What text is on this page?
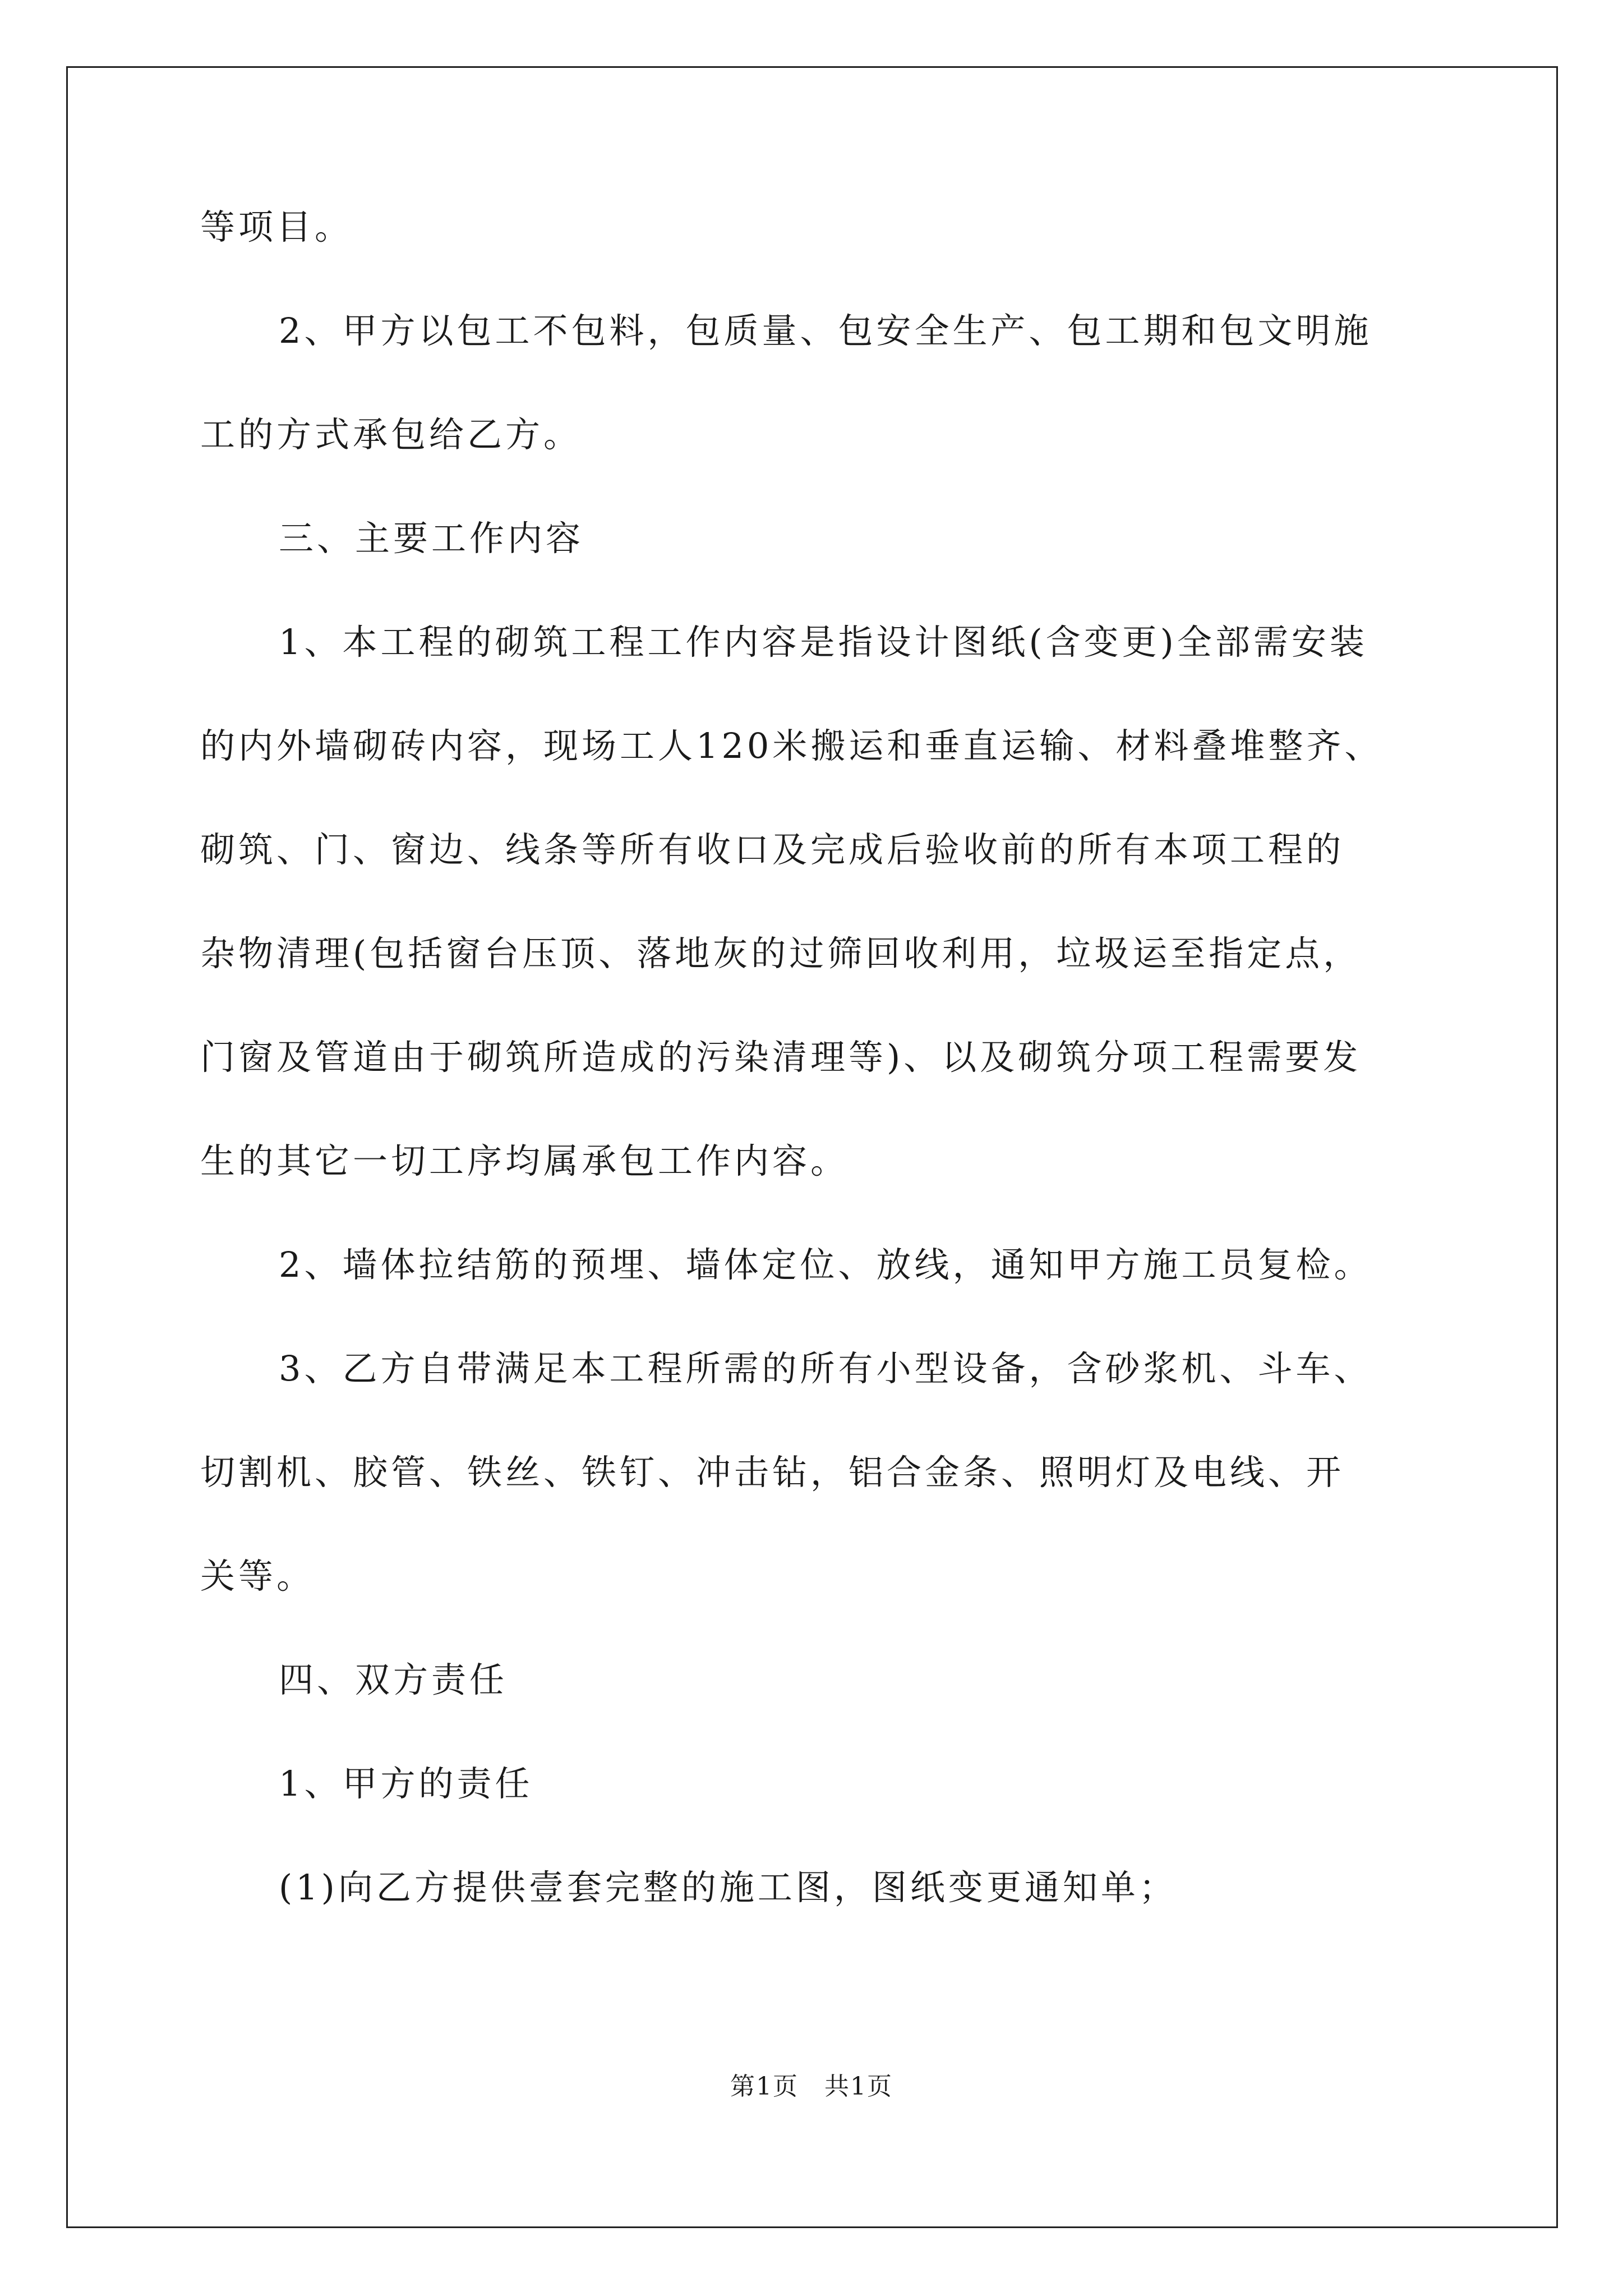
等项目。
2、甲方以包工不包料，包质量、包安全生产、包工期和包文明施
工的方式承包给乙方。
三、主要工作内容
1、本工程的砌筑工程工作内容是指设计图纸(含变更)全部需安装
的内外墙砌砖内容，现场工人120米搬运和垂直运输、材料叠堆整齐、
砌筑、门、窗边、线条等所有收口及完成后验收前的所有本项工程的
杂物清理(包括窗台压顶、落地灰的过筛回收利用，垃圾运至指定点，
门窗及管道由于砌筑所造成的污染清理等)、以及砌筑分项工程需要发
生的其它一切工序均属承包工作内容。
2、墙体拉结筋的预埋、墙体定位、放线，通知甲方施工员复检。
3、乙方自带满足本工程所需的所有小型设备，含砂浆机、斗车、
切割机、胶管、铁丝、铁钉、冲击钻，铝合金条、照明灯及电线、开
关等。
四、双方责任
1、甲方的责任
(1)向乙方提供壹套完整的施工图，图纸变更通知单；
第1页　共1页
